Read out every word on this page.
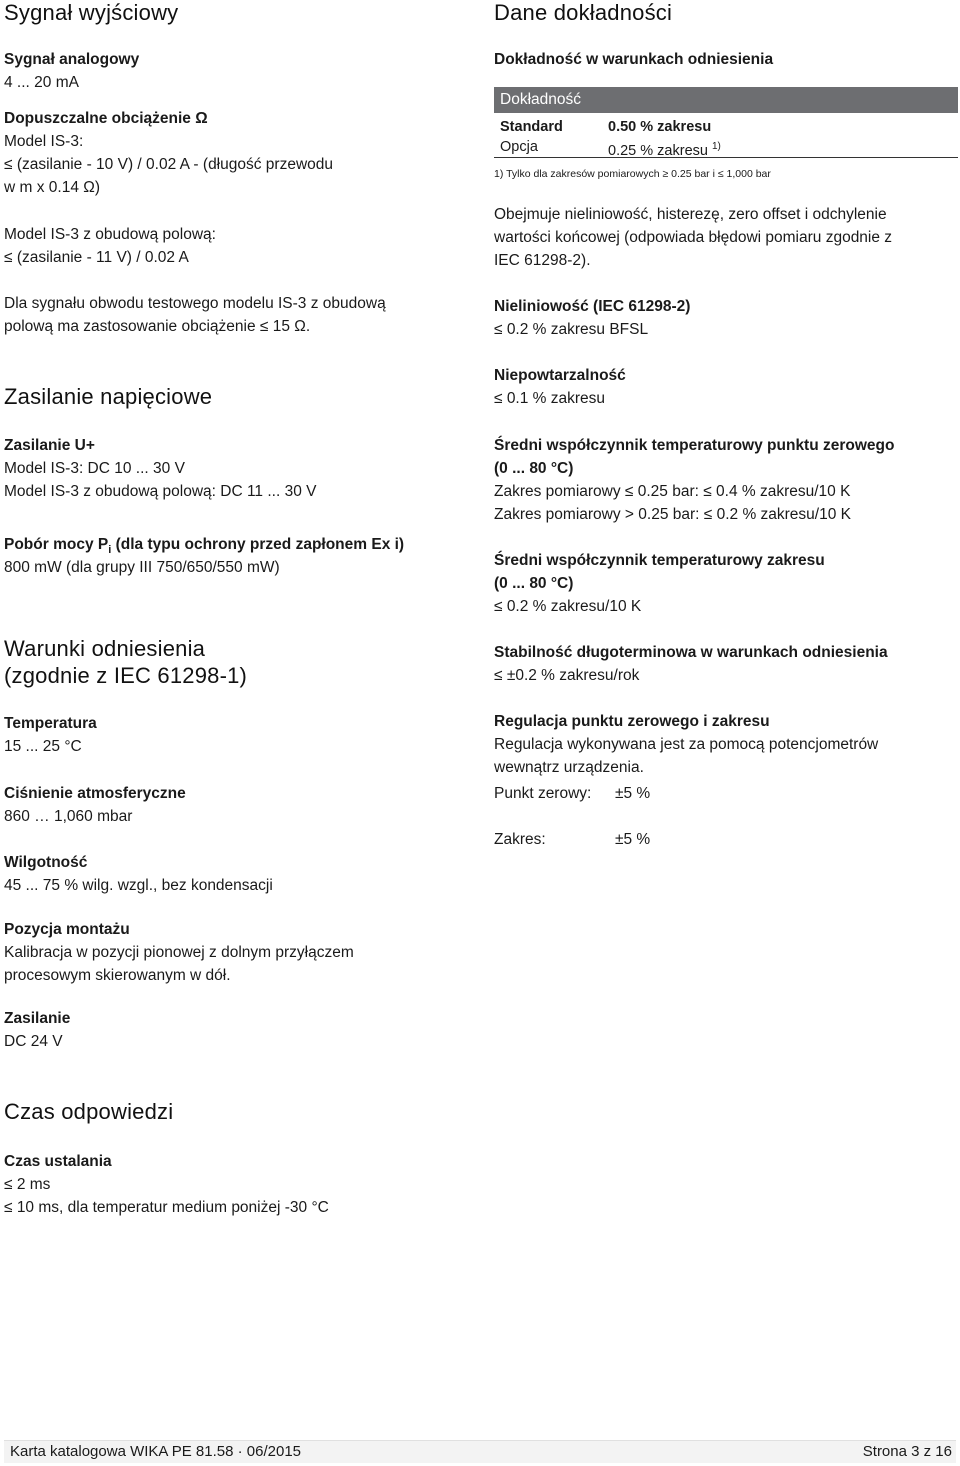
Sygnał wyjściowy

Sygnał analogowy

4 ... 20 mA

Dopuszczalne obciążenie Ω

Model IS-3:

≤ (zasilanie - 10 V) / 0.02 A - (długość przewodu

w m x 0.14 Ω)

Model IS-3 z obudową polową:

≤ (zasilanie - 11 V) / 0.02 A

Dla sygnału obwodu testowego modelu IS-3 z obudową

polową ma zastosowanie obciążenie ≤ 15 Ω.

Zasilanie napięciowe

Zasilanie U+

Model IS-3: DC 10 ... 30 V

Model IS-3 z obudową polową: DC 11 ... 30 V

Pobór mocy $P_i$ (dla typu ochrony przed zapłonem Ex i)

800 mW (dla grupy III 750/650/550 mW)

Warunki odniesienia
(zgodnie z IEC 61298-1)

Temperatura

15 ... 25 °C

Ciśnienie atmosferyczne

860 … 1,060 mbar

Wilgotność

45 ... 75 % wilg. wzgl., bez kondensacji

Pozycja montażu

Kalibracja w pozycji pionowej z dolnym przyłączem

procesowym skierowanym w dół.

Zasilanie

DC 24 V

Czas odpowiedzi

Czas ustalania

≤ 2 ms

≤ 10 ms, dla temperatur medium poniżej -30 °C

Dane dokładności

Dokładność w warunkach odniesienia

Dokładność
Standard	0.50 % zakresu
Opcja	0.25 % zakresu $^{1)}$
1) Tylko dla zakresów pomiarowych ≥ 0.25 bar i ≤ 1,000 bar

Obejmuje nieliniowość, histerezę, zero offset i odchylenie

wartości końcowej (odpowiada błędowi pomiaru zgodnie z

IEC 61298-2).

Nieliniowość (IEC 61298-2)

≤ 0.2 % zakresu BFSL

Niepowtarzalność

≤ 0.1 % zakresu

Średni współczynnik temperaturowy punktu zerowego

(0 ... 80 °C)

Zakres pomiarowy ≤ 0.25 bar: ≤ 0.4 % zakresu/10 K

Zakres pomiarowy > 0.25 bar: ≤ 0.2 % zakresu/10 K

Średni współczynnik temperaturowy zakresu

(0 ... 80 °C)

≤ 0.2 % zakresu/10 K

Stabilność długoterminowa w warunkach odniesienia

≤ ±0.2 % zakresu/rok

Regulacja punktu zerowego i zakresu

Regulacja wykonywana jest za pomocą potencjometrów

wewnątrz urządzenia.

Punkt zerowy: ±5 %
Zakres:	±5 %
Karta katalogowa WIKA PE 81.58 · 06/2015	Strona 3 z 16
